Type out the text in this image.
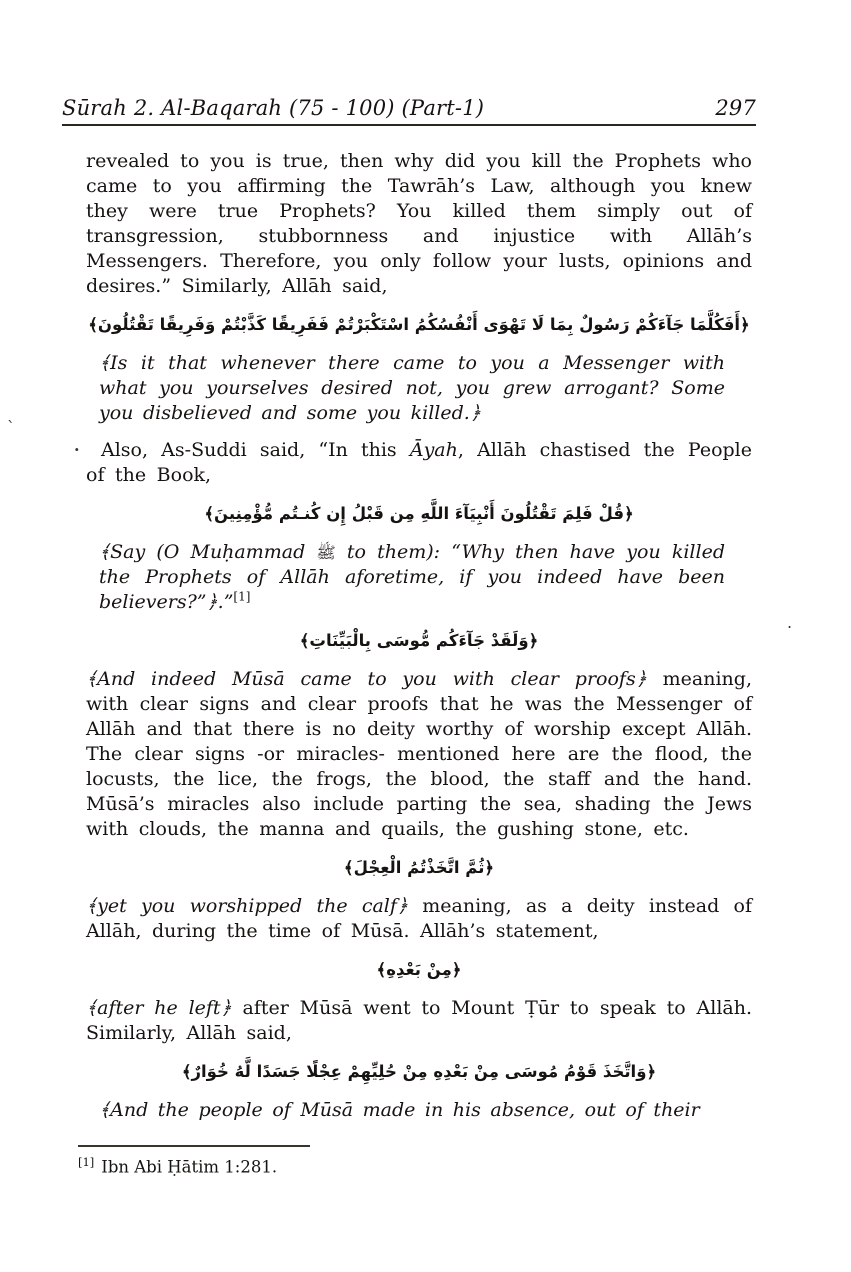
Sūrah 2. Al-Baqarah (75 - 100) (Part-1)	297
revealed to you is true, then why did you kill the Prophets who came to you affirming the Tawrāh’s Law, although you knew they were true Prophets? You killed them simply out of transgression, stubbornness and injustice with Allāh’s Messengers. Therefore, you only follow your lusts, opinions and desires.” Similarly, Allāh said,
﴿أَفَكُلَّمَا جَآءَكُمْ رَسُولٌ بِمَا لَا تَهْوَى أَنْفُسُكُمُ اسْتَكْبَرْتُمْ فَفَرِيقًا كَذَّبْتُمْ وَفَرِيقًا تَقْتُلُونَ﴾
﴾Is it that whenever there came to you a Messenger with what you yourselves desired not, you grew arrogant? Some you disbelieved and some you killed.﴿
Also, As-Suddi said, “In this Āyah, Allāh chastised the People of the Book,
﴿قُلْ فَلِمَ تَقْتُلُونَ أَنْبِيَآءَ اللَّهِ مِن قَبْلُ إِن كُنـتُم مُّؤْمِنِينَ﴾
﴾Say (O Muḥammad ﷺ to them): “Why then have you killed the Prophets of Allāh aforetime, if you indeed have been believers?”﴿.”[1]
﴿وَلَقَدْ جَآءَكُم مُّوسَى بِالْبَيِّنَاتِ﴾
﴾And indeed Mūsā came to you with clear proofs﴿ meaning, with clear signs and clear proofs that he was the Messenger of Allāh and that there is no deity worthy of worship except Allāh. The clear signs -or miracles- mentioned here are the flood, the locusts, the lice, the frogs, the blood, the staff and the hand. Mūsā’s miracles also include parting the sea, shading the Jews with clouds, the manna and quails, the gushing stone, etc.
﴿ثُمَّ اتَّخَذْتُمُ الْعِجْلَ﴾
﴾yet you worshipped the calf﴿ meaning, as a deity instead of Allāh, during the time of Mūsā. Allāh’s statement,
﴿مِنْ بَعْدِهِ﴾
﴾after he left﴿ after Mūsā went to Mount Ṭūr to speak to Allāh. Similarly, Allāh said,
﴿وَاتَّخَذَ قَوْمُ مُوسَى مِنْ بَعْدِهِ مِنْ حُلِيِّهِمْ عِجْلًا جَسَدًا لَّهُ خُوَارٌ﴾
﴾And the people of Mūsā made in his absence, out of their
[1] Ibn Abi Ḥātim 1:281.
`
.
.
